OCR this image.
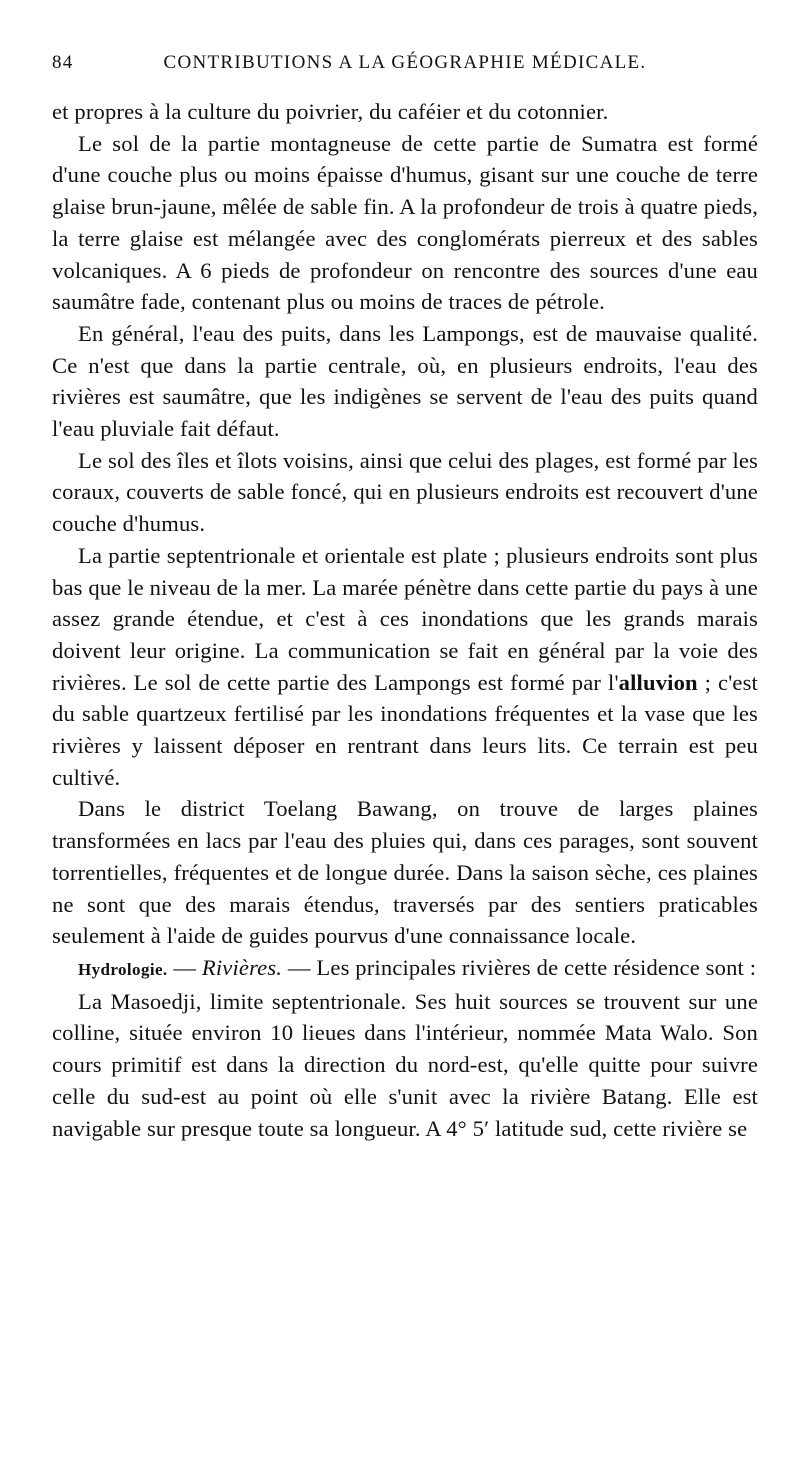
84	CONTRIBUTIONS A LA GÉOGRAPHIE MÉDICALE.

et propres à la culture du poivrier, du caféier et du cotonnier.

Le sol de la partie montagneuse de cette partie de Sumatra est formé d'une couche plus ou moins épaisse d'humus, gisant sur une couche de terre glaise brun-jaune, mêlée de sable fin. A la profondeur de trois à quatre pieds, la terre glaise est mélangée avec des conglomérats pierreux et des sables volcaniques. A 6 pieds de profondeur on rencontre des sources d'une eau saumâtre fade, contenant plus ou moins de traces de pétrole.

En général, l'eau des puits, dans les Lampongs, est de mauvaise qualité. Ce n'est que dans la partie centrale, où, en plusieurs endroits, l'eau des rivières est saumâtre, que les indigènes se servent de l'eau des puits quand l'eau pluviale fait défaut.

Le sol des îles et îlots voisins, ainsi que celui des plages, est formé par les coraux, couverts de sable foncé, qui en plusieurs endroits est recouvert d'une couche d'humus.

La partie septentrionale et orientale est plate ; plusieurs endroits sont plus bas que le niveau de la mer. La marée pénètre dans cette partie du pays à une assez grande étendue, et c'est à ces inondations que les grands marais doivent leur origine. La communication se fait en général par la voie des rivières. Le sol de cette partie des Lampongs est formé par l'alluvion ; c'est du sable quartzeux fertilisé par les inondations fréquentes et la vase que les rivières y laissent déposer en rentrant dans leurs lits. Ce terrain est peu cultivé.

Dans le district Toelang Bawang, on trouve de larges plaines transformées en lacs par l'eau des pluies qui, dans ces parages, sont souvent torrentielles, fréquentes et de longue durée. Dans la saison sèche, ces plaines ne sont que des marais étendus, traversés par des sentiers praticables seulement à l'aide de guides pourvus d'une connaissance locale.

Hydrologie. — Rivières. — Les principales rivières de cette résidence sont :

La Masoedji, limite septentrionale. Ses huit sources se trouvent sur une colline, située environ 10 lieues dans l'intérieur, nommée Mata Walo. Son cours primitif est dans la direction du nord-est, qu'elle quitte pour suivre celle du sud-est au point où elle s'unit avec la rivière Batang. Elle est navigable sur presque toute sa longueur. A 4° 5′ latitude sud, cette rivière se
